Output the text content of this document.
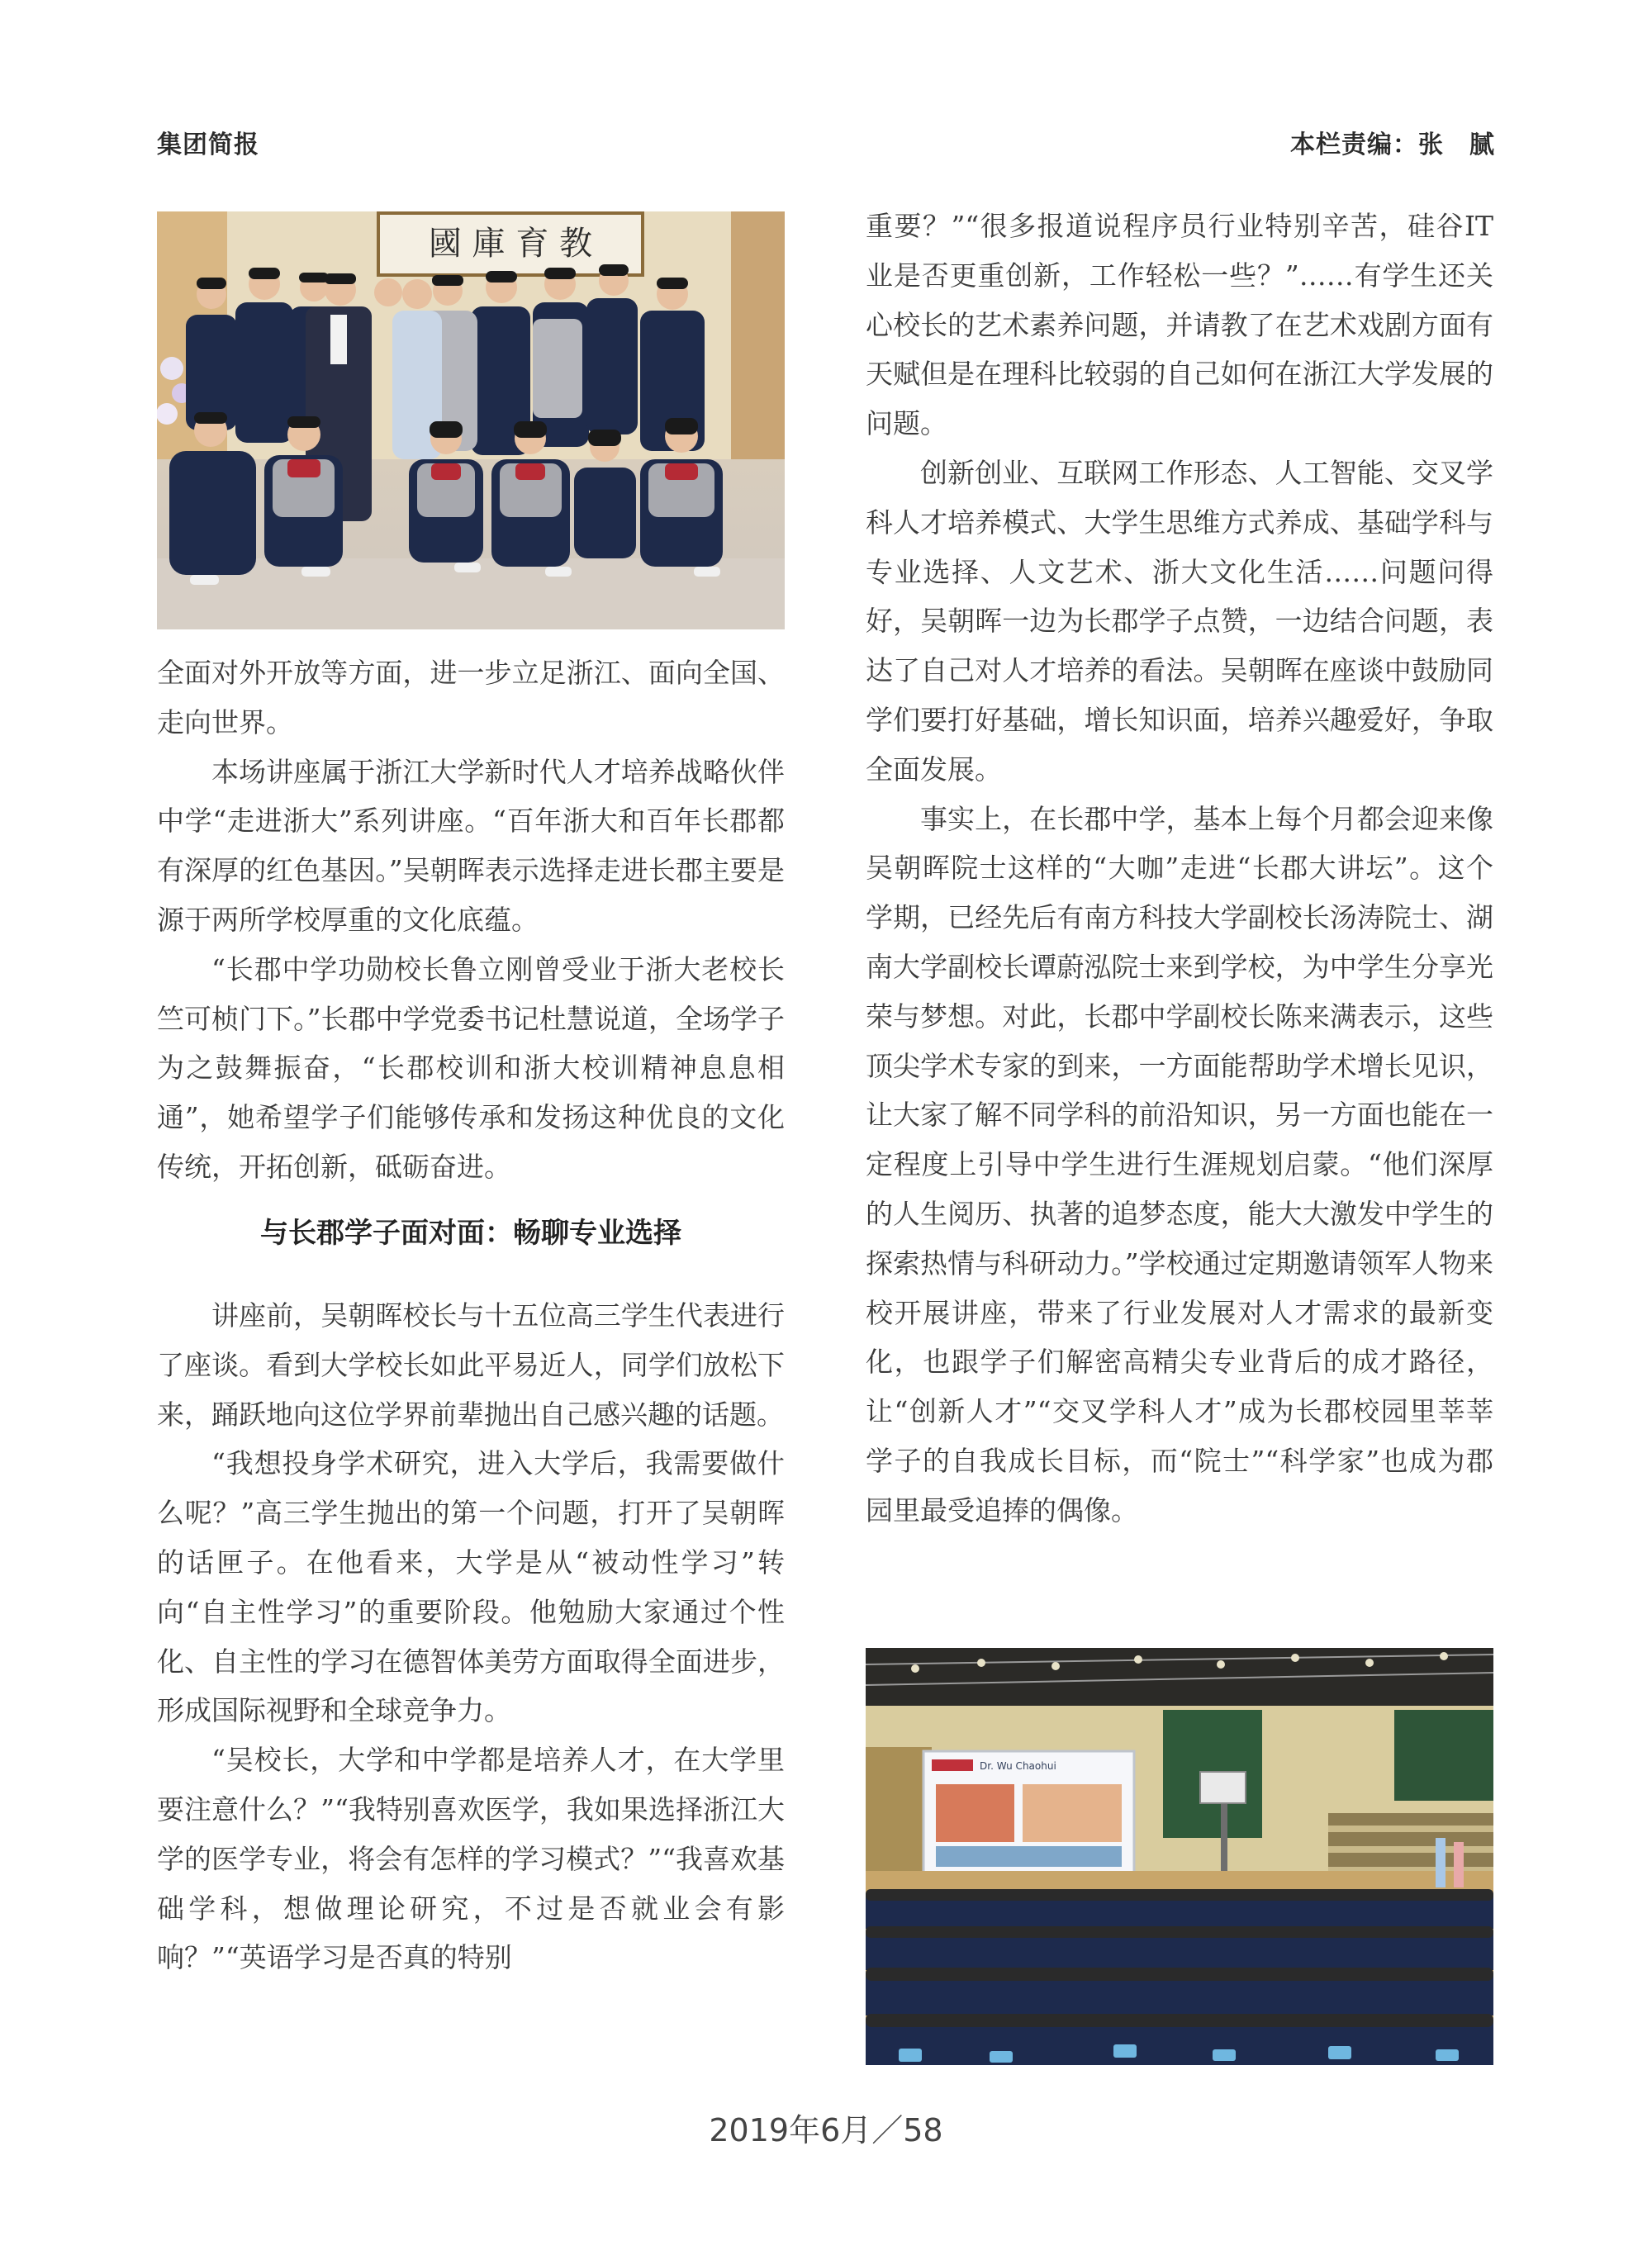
集团简报	本栏责编：张　腻
國 庫 育 教

全面对外开放等方面，进一步立足浙江、面向全国、走向世界。

本场讲座属于浙江大学新时代人才培养战略伙伴中学“走进浙大”系列讲座。“百年浙大和百年长郡都有深厚的红色基因。”吴朝晖表示选择走进长郡主要是源于两所学校厚重的文化底蕴。

“长郡中学功勋校长鲁立刚曾受业于浙大老校长竺可桢门下。”长郡中学党委书记杜慧说道，全场学子为之鼓舞振奋，“长郡校训和浙大校训精神息息相通”，她希望学子们能够传承和发扬这种优良的文化传统，开拓创新，砥砺奋进。

与长郡学子面对面：畅聊专业选择

讲座前，吴朝晖校长与十五位高三学生代表进行了座谈。看到大学校长如此平易近人，同学们放松下来，踊跃地向这位学界前辈抛出自己感兴趣的话题。

“我想投身学术研究，进入大学后，我需要做什么呢？”高三学生抛出的第一个问题，打开了吴朝晖的话匣子。在他看来，大学是从“被动性学习”转向“自主性学习”的重要阶段。他勉励大家通过个性化、自主性的学习在德智体美劳方面取得全面进步，形成国际视野和全球竞争力。

“吴校长，大学和中学都是培养人才，在大学里要注意什么？”“我特别喜欢医学，我如果选择浙江大学的医学专业，将会有怎样的学习模式？”“我喜欢基础学科，想做理论研究，不过是否就业会有影响？”“英语学习是否真的特别

重要？”“很多报道说程序员行业特别辛苦，硅谷IT业是否更重创新，工作轻松一些？”……有学生还关心校长的艺术素养问题，并请教了在艺术戏剧方面有天赋但是在理科比较弱的自己如何在浙江大学发展的问题。

创新创业、互联网工作形态、人工智能、交叉学科人才培养模式、大学生思维方式养成、基础学科与专业选择、人文艺术、浙大文化生活……问题问得好，吴朝晖一边为长郡学子点赞，一边结合问题，表达了自己对人才培养的看法。吴朝晖在座谈中鼓励同学们要打好基础，增长知识面，培养兴趣爱好，争取全面发展。

事实上，在长郡中学，基本上每个月都会迎来像吴朝晖院士这样的“大咖”走进“长郡大讲坛”。这个学期，已经先后有南方科技大学副校长汤涛院士、湖南大学副校长谭蔚泓院士来到学校，为中学生分享光荣与梦想。对此，长郡中学副校长陈来满表示，这些顶尖学术专家的到来，一方面能帮助学术增长见识，让大家了解不同学科的前沿知识，另一方面也能在一定程度上引导中学生进行生涯规划启蒙。“他们深厚的人生阅历、执著的追梦态度，能大大激发中学生的探索热情与科研动力。”学校通过定期邀请领军人物来校开展讲座，带来了行业发展对人才需求的最新变化，也跟学子们解密高精尖专业背后的成才路径，让“创新人才”“交叉学科人才”成为长郡校园里莘莘学子的自我成长目标，而“院士”“科学家”也成为郡园里最受追捧的偶像。

Dr. Wu Chaohui
2019年6月／58
